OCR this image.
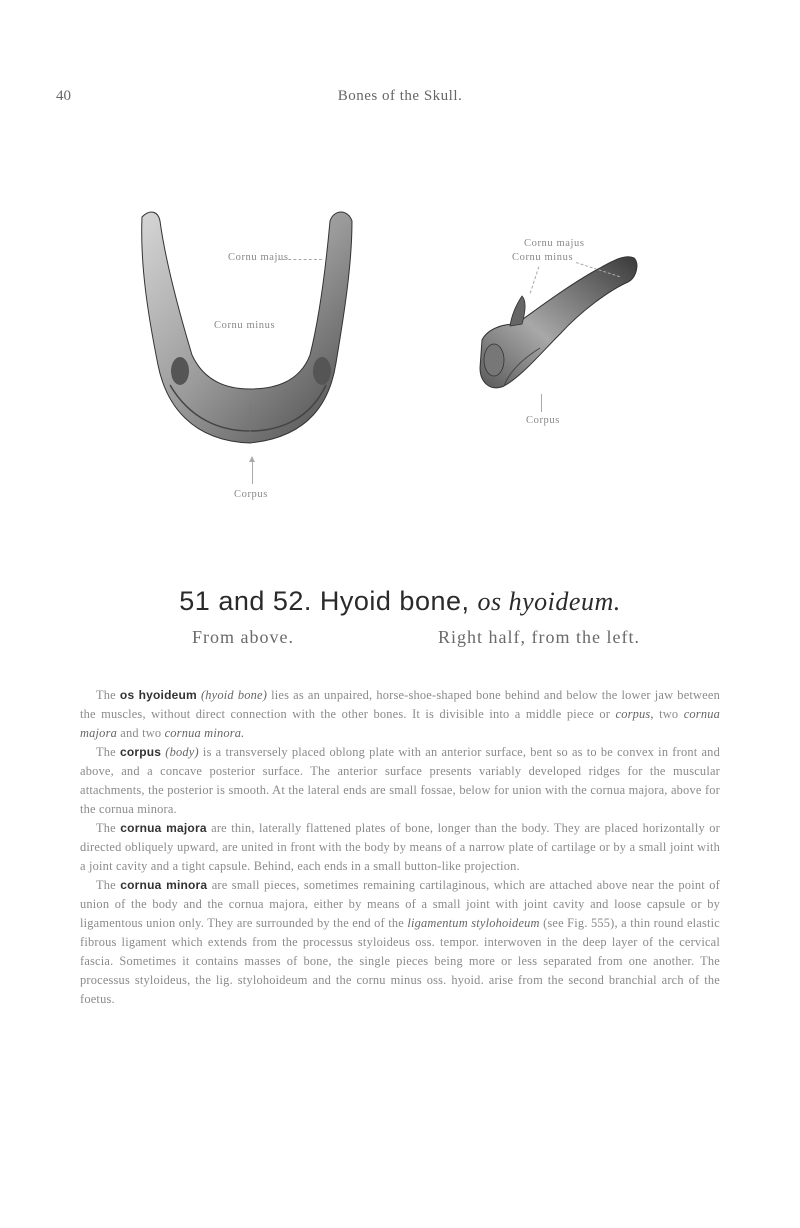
40	Bones of the Skull.
Cornu majus
Cornu minus
Corpus
Cornu majus
Cornu minus
Corpus
51 and 52. Hyoid bone, os hyoideum.
From above.	Right half, from the left.

The os hyoideum (hyoid bone) lies as an unpaired, horse-shoe-shaped bone behind and below the lower jaw between the muscles, without direct connection with the other bones. It is divisible into a middle piece or corpus, two cornua majora and two cornua minora.

The corpus (body) is a transversely placed oblong plate with an anterior surface, bent so as to be convex in front and above, and a concave posterior surface. The anterior surface presents variably developed ridges for the muscular attachments, the posterior is smooth. At the lateral ends are small fossae, below for union with the cornua majora, above for the cornua minora.

The cornua majora are thin, laterally flattened plates of bone, longer than the body. They are placed horizontally or directed obliquely upward, are united in front with the body by means of a narrow plate of cartilage or by a small joint with a joint cavity and a tight capsule. Behind, each ends in a small button-like projection.

The cornua minora are small pieces, sometimes remaining cartilaginous, which are attached above near the point of union of the body and the cornua majora, either by means of a small joint with joint cavity and loose capsule or by ligamentous union only. They are surrounded by the end of the ligamentum stylohoideum (see Fig. 555), a thin round elastic fibrous ligament which extends from the processus styloideus oss. tempor. interwoven in the deep layer of the cervical fascia. Sometimes it contains masses of bone, the single pieces being more or less separated from one another. The processus styloideus, the lig. stylohoideum and the cornu minus oss. hyoid. arise from the second branchial arch of the foetus.
